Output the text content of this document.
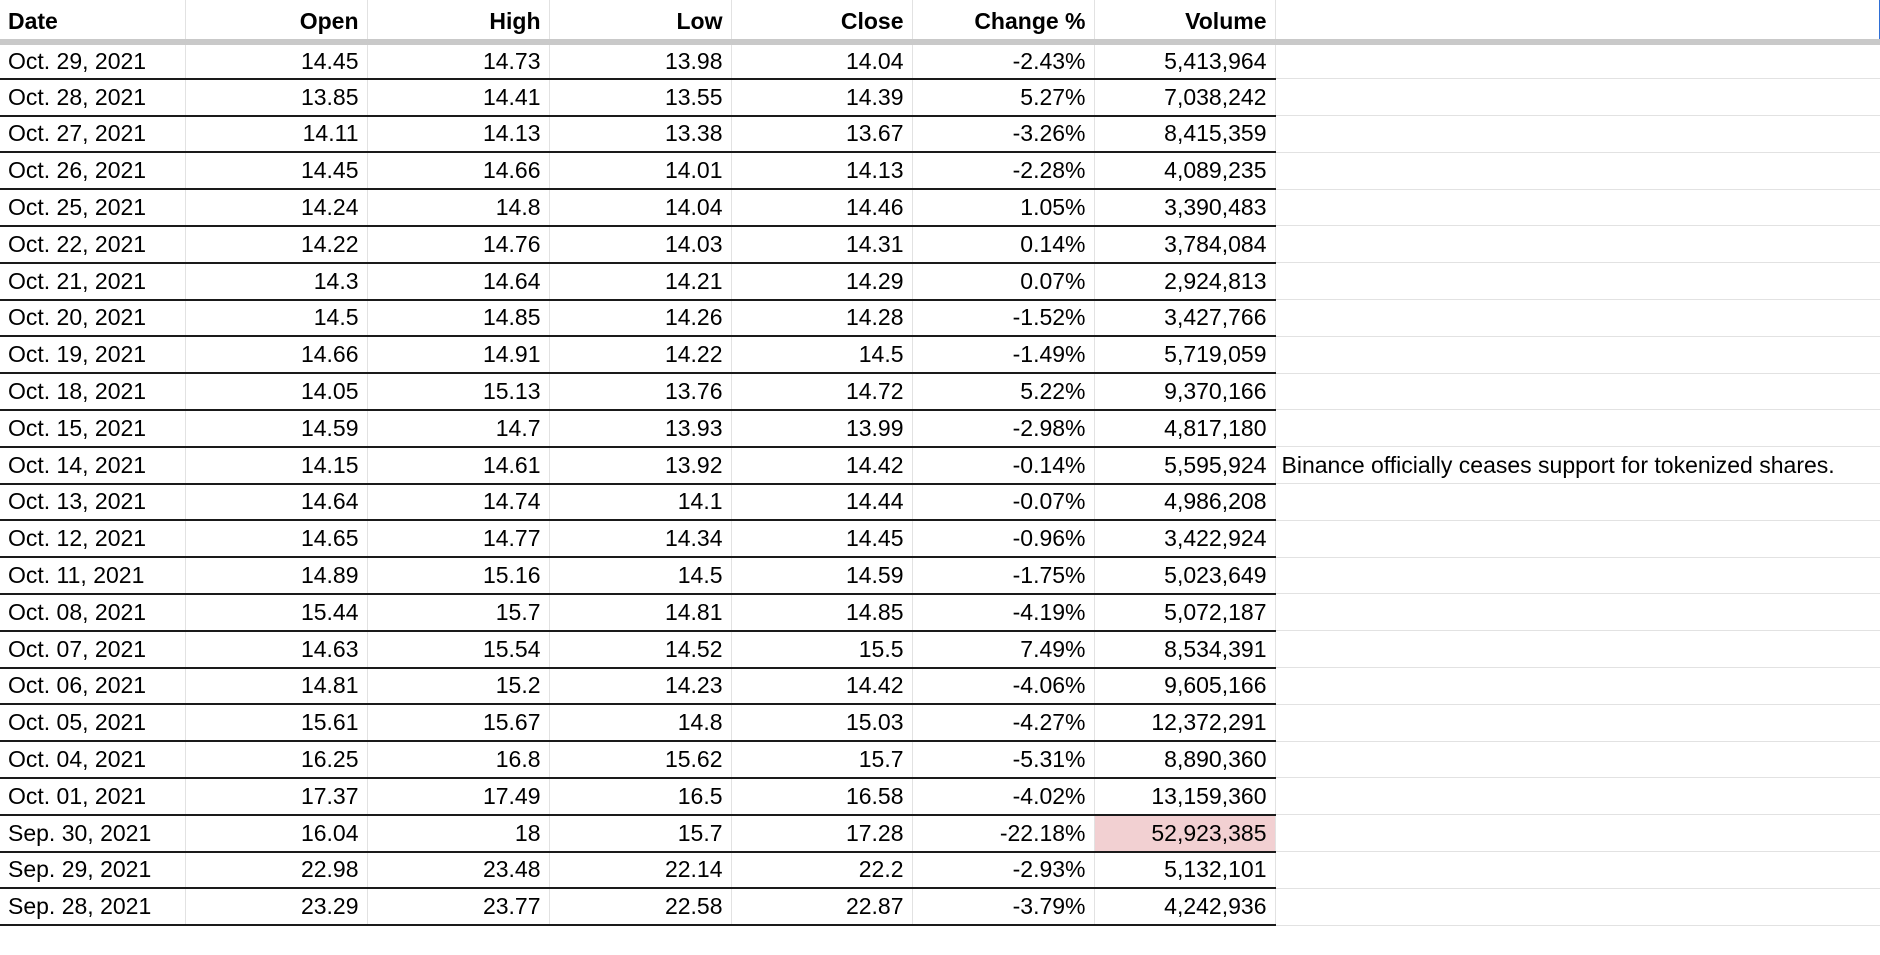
Date	Open	High	Low	Close	Change %	Volume	
Oct. 29, 2021	14.45	14.73	13.98	14.04	-2.43%	5,413,964	
Oct. 28, 2021	13.85	14.41	13.55	14.39	5.27%	7,038,242	
Oct. 27, 2021	14.11	14.13	13.38	13.67	-3.26%	8,415,359	
Oct. 26, 2021	14.45	14.66	14.01	14.13	-2.28%	4,089,235	
Oct. 25, 2021	14.24	14.8	14.04	14.46	1.05%	3,390,483	
Oct. 22, 2021	14.22	14.76	14.03	14.31	0.14%	3,784,084	
Oct. 21, 2021	14.3	14.64	14.21	14.29	0.07%	2,924,813	
Oct. 20, 2021	14.5	14.85	14.26	14.28	-1.52%	3,427,766	
Oct. 19, 2021	14.66	14.91	14.22	14.5	-1.49%	5,719,059	
Oct. 18, 2021	14.05	15.13	13.76	14.72	5.22%	9,370,166	
Oct. 15, 2021	14.59	14.7	13.93	13.99	-2.98%	4,817,180	
Oct. 14, 2021	14.15	14.61	13.92	14.42	-0.14%	5,595,924	Binance officially ceases support for tokenized shares.
Oct. 13, 2021	14.64	14.74	14.1	14.44	-0.07%	4,986,208	
Oct. 12, 2021	14.65	14.77	14.34	14.45	-0.96%	3,422,924	
Oct. 11, 2021	14.89	15.16	14.5	14.59	-1.75%	5,023,649	
Oct. 08, 2021	15.44	15.7	14.81	14.85	-4.19%	5,072,187	
Oct. 07, 2021	14.63	15.54	14.52	15.5	7.49%	8,534,391	
Oct. 06, 2021	14.81	15.2	14.23	14.42	-4.06%	9,605,166	
Oct. 05, 2021	15.61	15.67	14.8	15.03	-4.27%	12,372,291	
Oct. 04, 2021	16.25	16.8	15.62	15.7	-5.31%	8,890,360	
Oct. 01, 2021	17.37	17.49	16.5	16.58	-4.02%	13,159,360	
Sep. 30, 2021	16.04	18	15.7	17.28	-22.18%	52,923,385	
Sep. 29, 2021	22.98	23.48	22.14	22.2	-2.93%	5,132,101	
Sep. 28, 2021	23.29	23.77	22.58	22.87	-3.79%	4,242,936	
